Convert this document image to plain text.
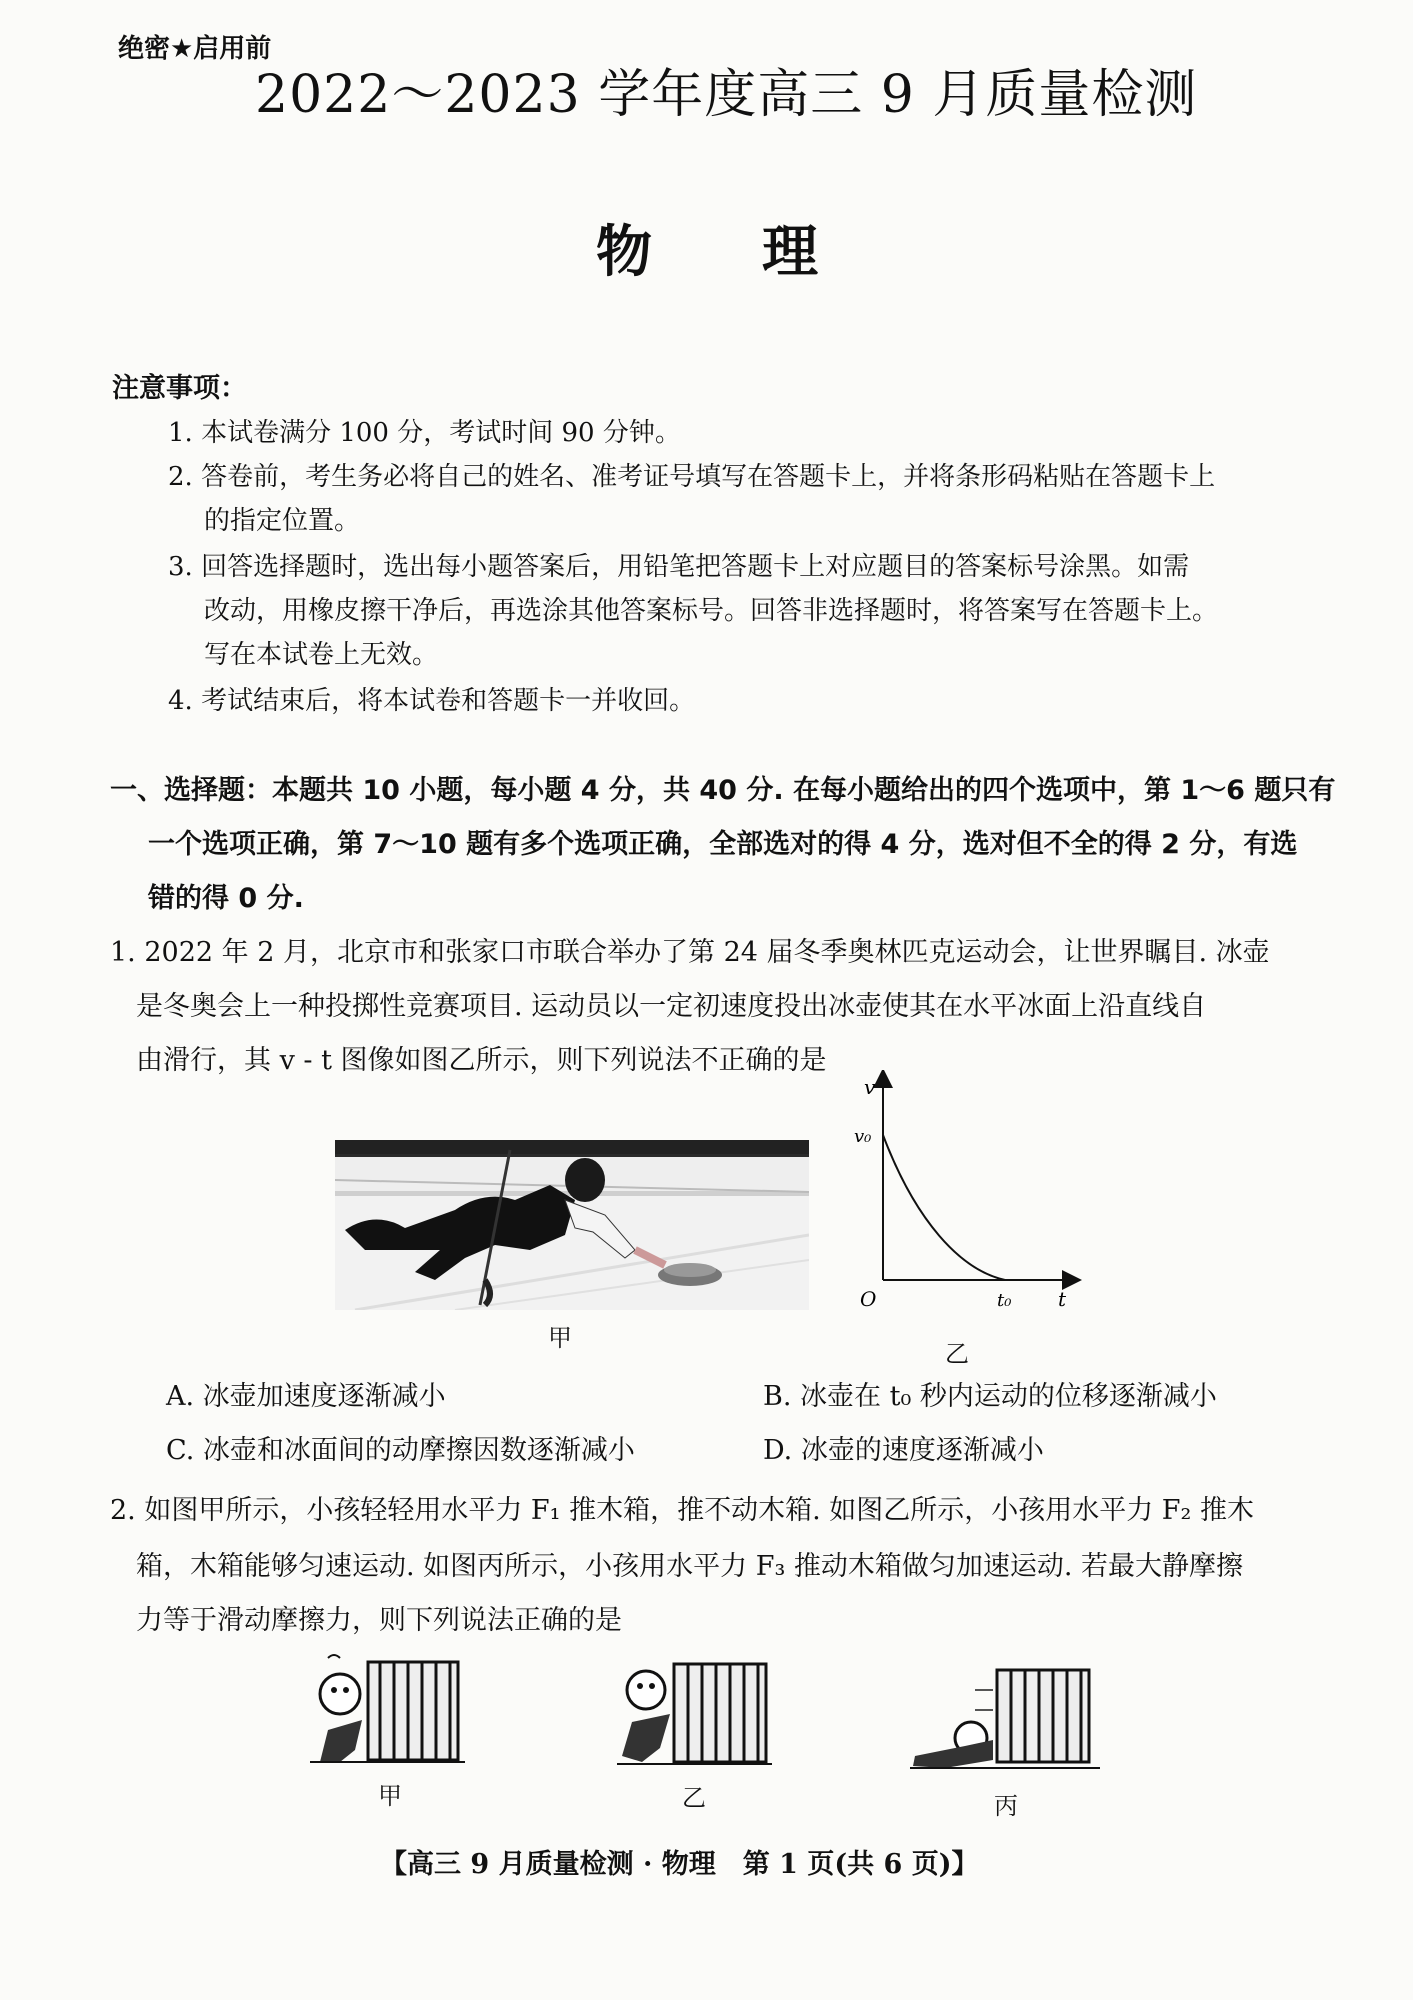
绝密★启用前
2022～2023 学年度高三 9 月质量检测
物理
注意事项：
1. 本试卷满分 100 分，考试时间 90 分钟。
2. 答卷前，考生务必将自己的姓名、准考证号填写在答题卡上，并将条形码粘贴在答题卡上
的指定位置。
3. 回答选择题时，选出每小题答案后，用铅笔把答题卡上对应题目的答案标号涂黑。如需
改动，用橡皮擦干净后，再选涂其他答案标号。回答非选择题时，将答案写在答题卡上。
写在本试卷上无效。
4. 考试结束后，将本试卷和答题卡一并收回。
一、选择题：本题共 10 小题，每小题 4 分，共 40 分. 在每小题给出的四个选项中，第 1～6 题只有
一个选项正确，第 7～10 题有多个选项正确，全部选对的得 4 分，选对但不全的得 2 分，有选
错的得 0 分.
1. 2022 年 2 月，北京市和张家口市联合举办了第 24 届冬季奥林匹克运动会，让世界瞩目. 冰壶
是冬奥会上一种投掷性竞赛项目. 运动员以一定初速度投出冰壶使其在水平冰面上沿直线自
由滑行，其 v - t 图像如图乙所示，则下列说法不正确的是
甲
v
v₀
O	t₀ t
乙
A. 冰壶加速度逐渐减小	B. 冰壶在 t₀ 秒内运动的位移逐渐减小
C. 冰壶和冰面间的动摩擦因数逐渐减小	D. 冰壶的速度逐渐减小
2. 如图甲所示，小孩轻轻用水平力 F₁ 推木箱，推不动木箱. 如图乙所示，小孩用水平力 F₂ 推木
箱，木箱能够匀速运动. 如图丙所示，小孩用水平力 F₃ 推动木箱做匀加速运动. 若最大静摩擦
力等于滑动摩擦力，则下列说法正确的是
甲	乙	丙
【高三 9 月质量检测 · 物理　第 1 页(共 6 页)】
